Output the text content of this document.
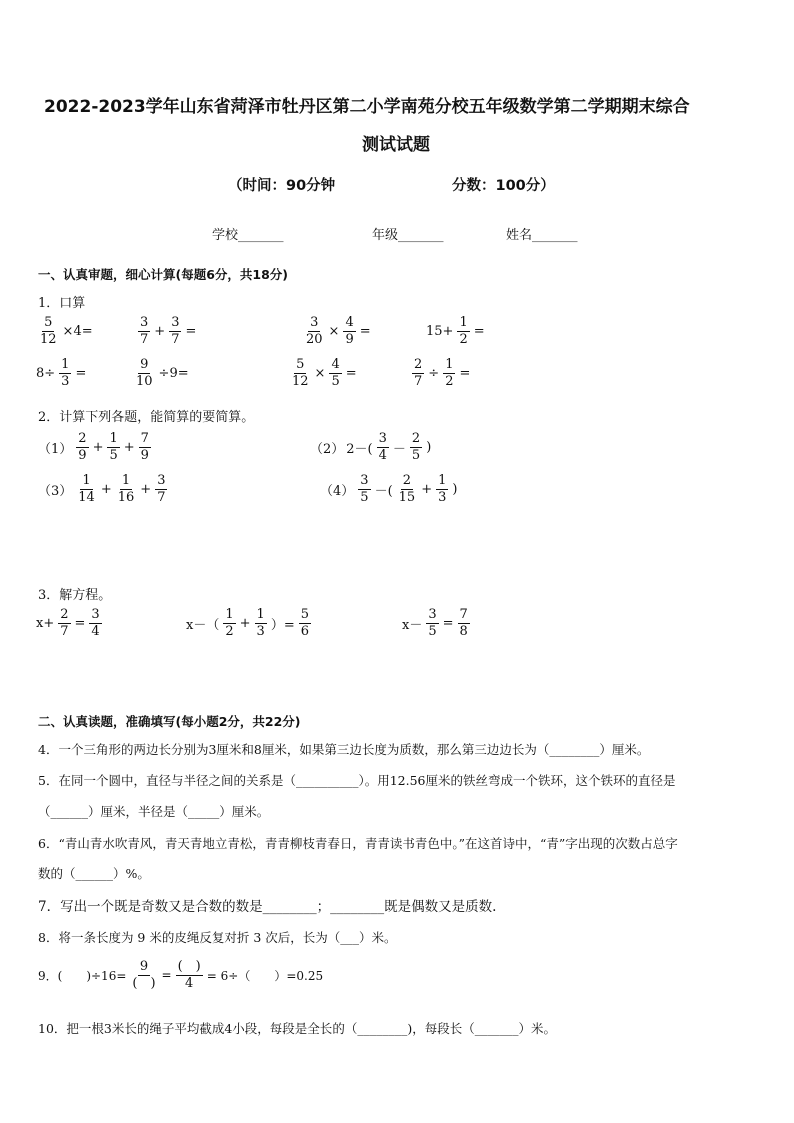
2022-2023学年山东省菏泽市牡丹区第二小学南苑分校五年级数学第二学期期末综合
测试试题
（时间：90分钟	分数：100分）
学校_______	年级_______	姓名_______
一、认真审题，细心计算(每题6分，共18分)
1．口算
$\frac{5}{12} \times 4=$	$\frac{3}{7} + \frac{3}{7}$ =	$\frac{3}{20} \times \frac{4}{9}$ =	$15+ \frac{1}{2}$ =
$8\div \frac{1}{3}$ =	$\frac{9}{10} \div 9=$	$\frac{5}{12} \times \frac{4}{5}$ =	$\frac{2}{7} \div \frac{1}{2}$ =
2．计算下列各题，能简算的要简算。
$(1) \frac{2}{9} + \frac{1}{5} + \frac{7}{9}$	（2） $2-( \frac{3}{4} - \frac{2}{5}$ )
$(3) \frac{1}{14} + \frac{1}{16} + \frac{3}{7}$	$(4) \frac{3}{5}$ －( $\frac{2}{15} + \frac{1}{3}$ )
3．解方程。
$x+ \frac{2}{7} = \frac{3}{4}$	$x-( \frac{1}{2} + \frac{1}{3}$ ）= $\frac{5}{6}$	$x- \frac{3}{5} = \frac{7}{8}$
二、认真读题，准确填写(每小题2分，共22分)
4．一个三角形的两边长分别为3厘米和8厘米，如果第三边长度为质数，那么第三边边长为（________）厘米。
5．在同一个圆中，直径与半径之间的关系是（__________）。用12.56厘米的铁丝弯成一个铁环，这个铁环的直径是
（______）厘米，半径是（_____）厘米。
6．“青山青水吹青风，青天青地立青松，青青柳枝青春日，青青读书青色中。”在这首诗中，“青”字出现的次数占总字
数的（______）%。
7．写出一个既是奇数又是合数的数是________；________既是偶数又是质数.
8．将一条长度为 9 米的皮绳反复对折 3 次后，长为（___）米。
9．(　　)$\div 16= \frac{9}{( )} = \frac{( )}{4} = 6\div$（　　）=0.25
10．把一根3米长的绳子平均截成4小段，每段是全长的（________)，每段长（_______）米。
